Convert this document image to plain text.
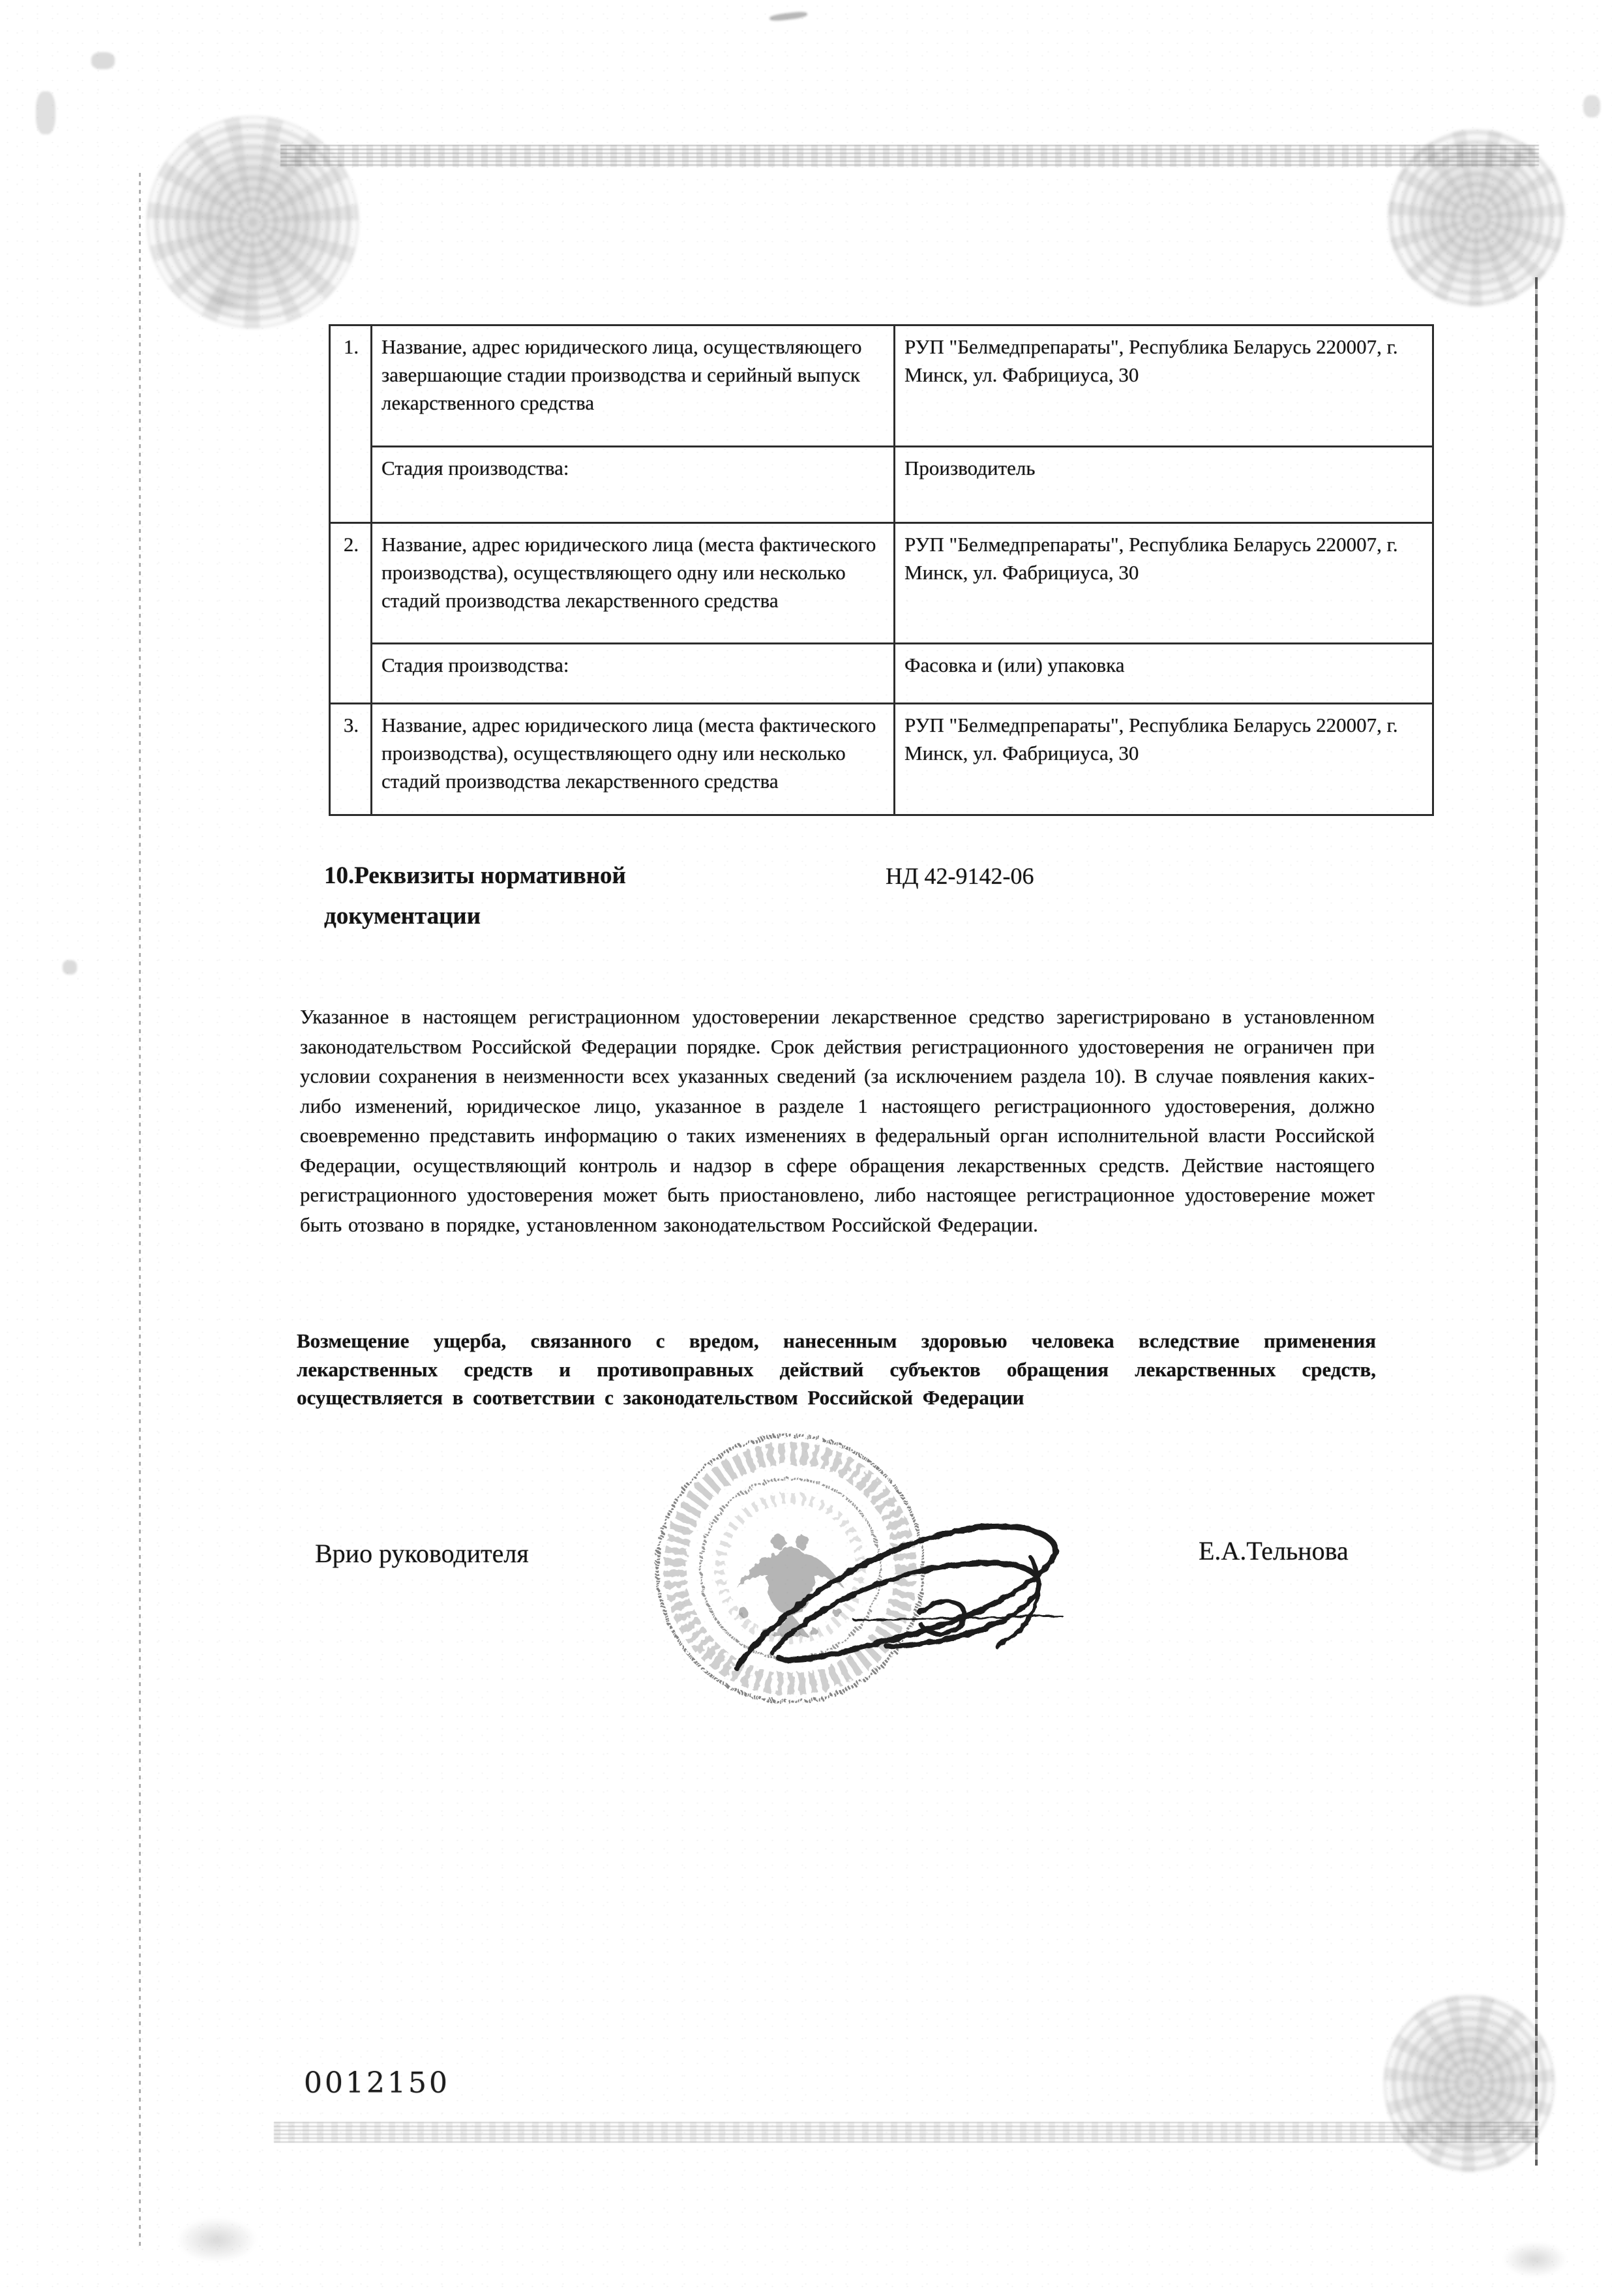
1.	Название, адрес юридического лица, осуществляющего завершающие стадии производства и серийный выпуск лекарственного средства	РУП "Белмедпрепараты", Республика Беларусь 220007, г. Минск, ул. Фабрициуса, 30
	Стадия производства:	Производитель
2.	Название, адрес юридического лица (места фактического производства), осуществляющего одну или несколько стадий производства лекарственного средства	РУП "Белмедпрепараты", Республика Беларусь 220007, г. Минск, ул. Фабрициуса, 30
	Стадия производства:	Фасовка и (или) упаковка
3.	Название, адрес юридического лица (места фактического производства), осуществляющего одну или несколько стадий производства лекарственного средства	РУП "Белмедпрепараты", Республика Беларусь 220007, г. Минск, ул. Фабрициуса, 30
10.Реквизиты нормативной
документации
НД 42-9142-06

Указанное в настоящем регистрационном удостоверении лекарственное средство зарегистрировано в установленном законодательством Российской Федерации порядке. Срок действия регистрационного удостоверения не ограничен при условии сохранения в неизменности всех указанных сведений (за исключением раздела 10). В случае появления каких-либо изменений, юридическое лицо, указанное в разделе 1 настоящего регистрационного удостоверения, должно своевременно представить информацию о таких изменениях в федеральный орган исполнительной власти Российской Федерации, осуществляющий контроль и надзор в сфере обращения лекарственных средств. Действие настоящего регистрационного удостоверения может быть приостановлено, либо настоящее регистрационное удостоверение может быть отозвано в порядке, установленном законодательством Российской Федерации.

Возмещение ущерба, связанного с вредом, нанесенным здоровью человека вследствие применения лекарственных средств и противоправных действий субъектов обращения лекарственных средств, осуществляется в соответствии с законодательством Российской Федерации

Врио руководителя	Е.А.Тельнова
0012150
